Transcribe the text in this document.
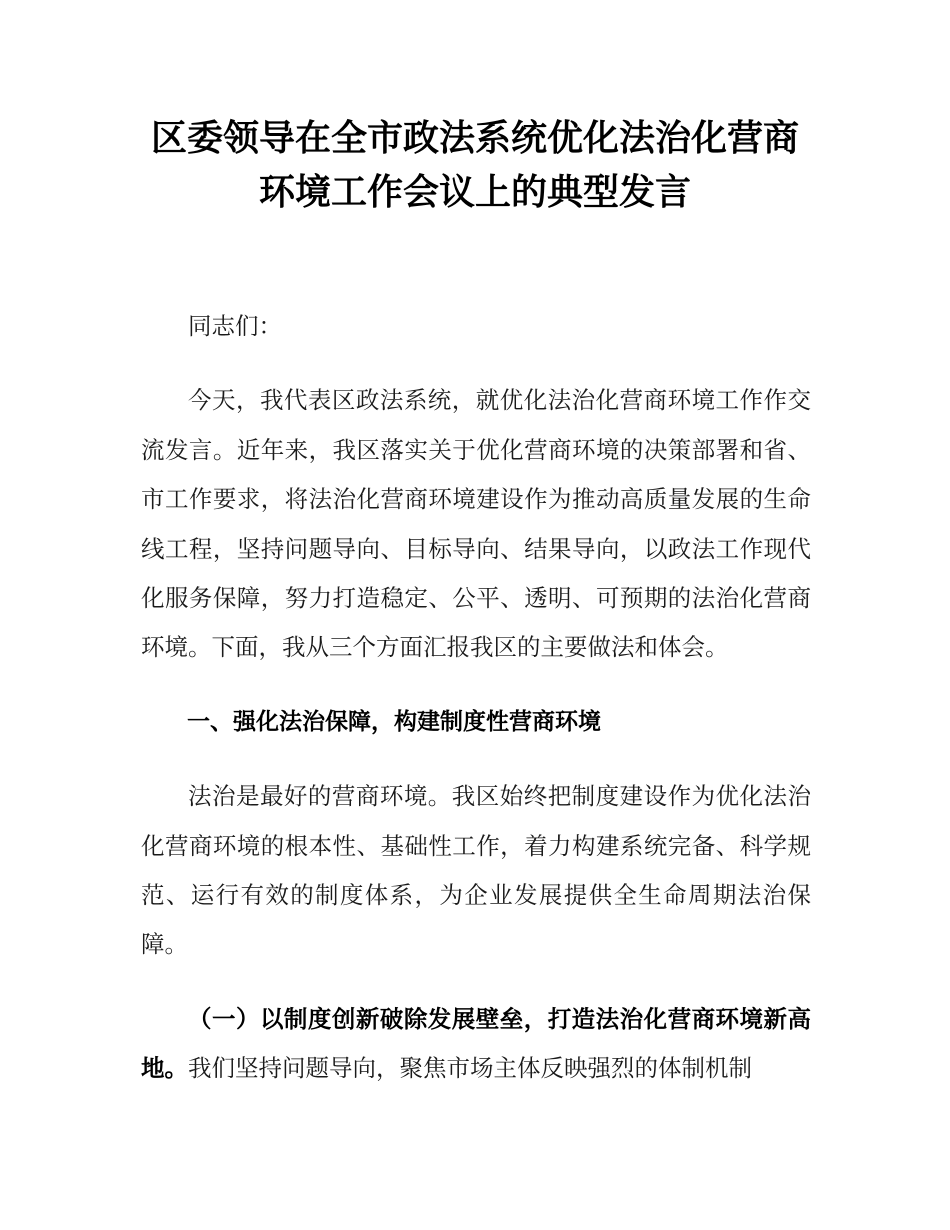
区委领导在全市政法系统优化法治化营商环境工作会议上的典型发言

同志们：

今天，我代表区政法系统，就优化法治化营商环境工作作交流发言。近年来，我区落实关于优化营商环境的决策部署和省、市工作要求，将法治化营商环境建设作为推动高质量发展的生命线工程，坚持问题导向、目标导向、结果导向，以政法工作现代化服务保障，努力打造稳定、公平、透明、可预期的法治化营商环境。下面，我从三个方面汇报我区的主要做法和体会。

一、强化法治保障，构建制度性营商环境

法治是最好的营商环境。我区始终把制度建设作为优化法治化营商环境的根本性、基础性工作，着力构建系统完备、科学规范、运行有效的制度体系，为企业发展提供全生命周期法治保障。

（一）以制度创新破除发展壁垒，打造法治化营商环境新高地。我们坚持问题导向，聚焦市场主体反映强烈的体制机制
